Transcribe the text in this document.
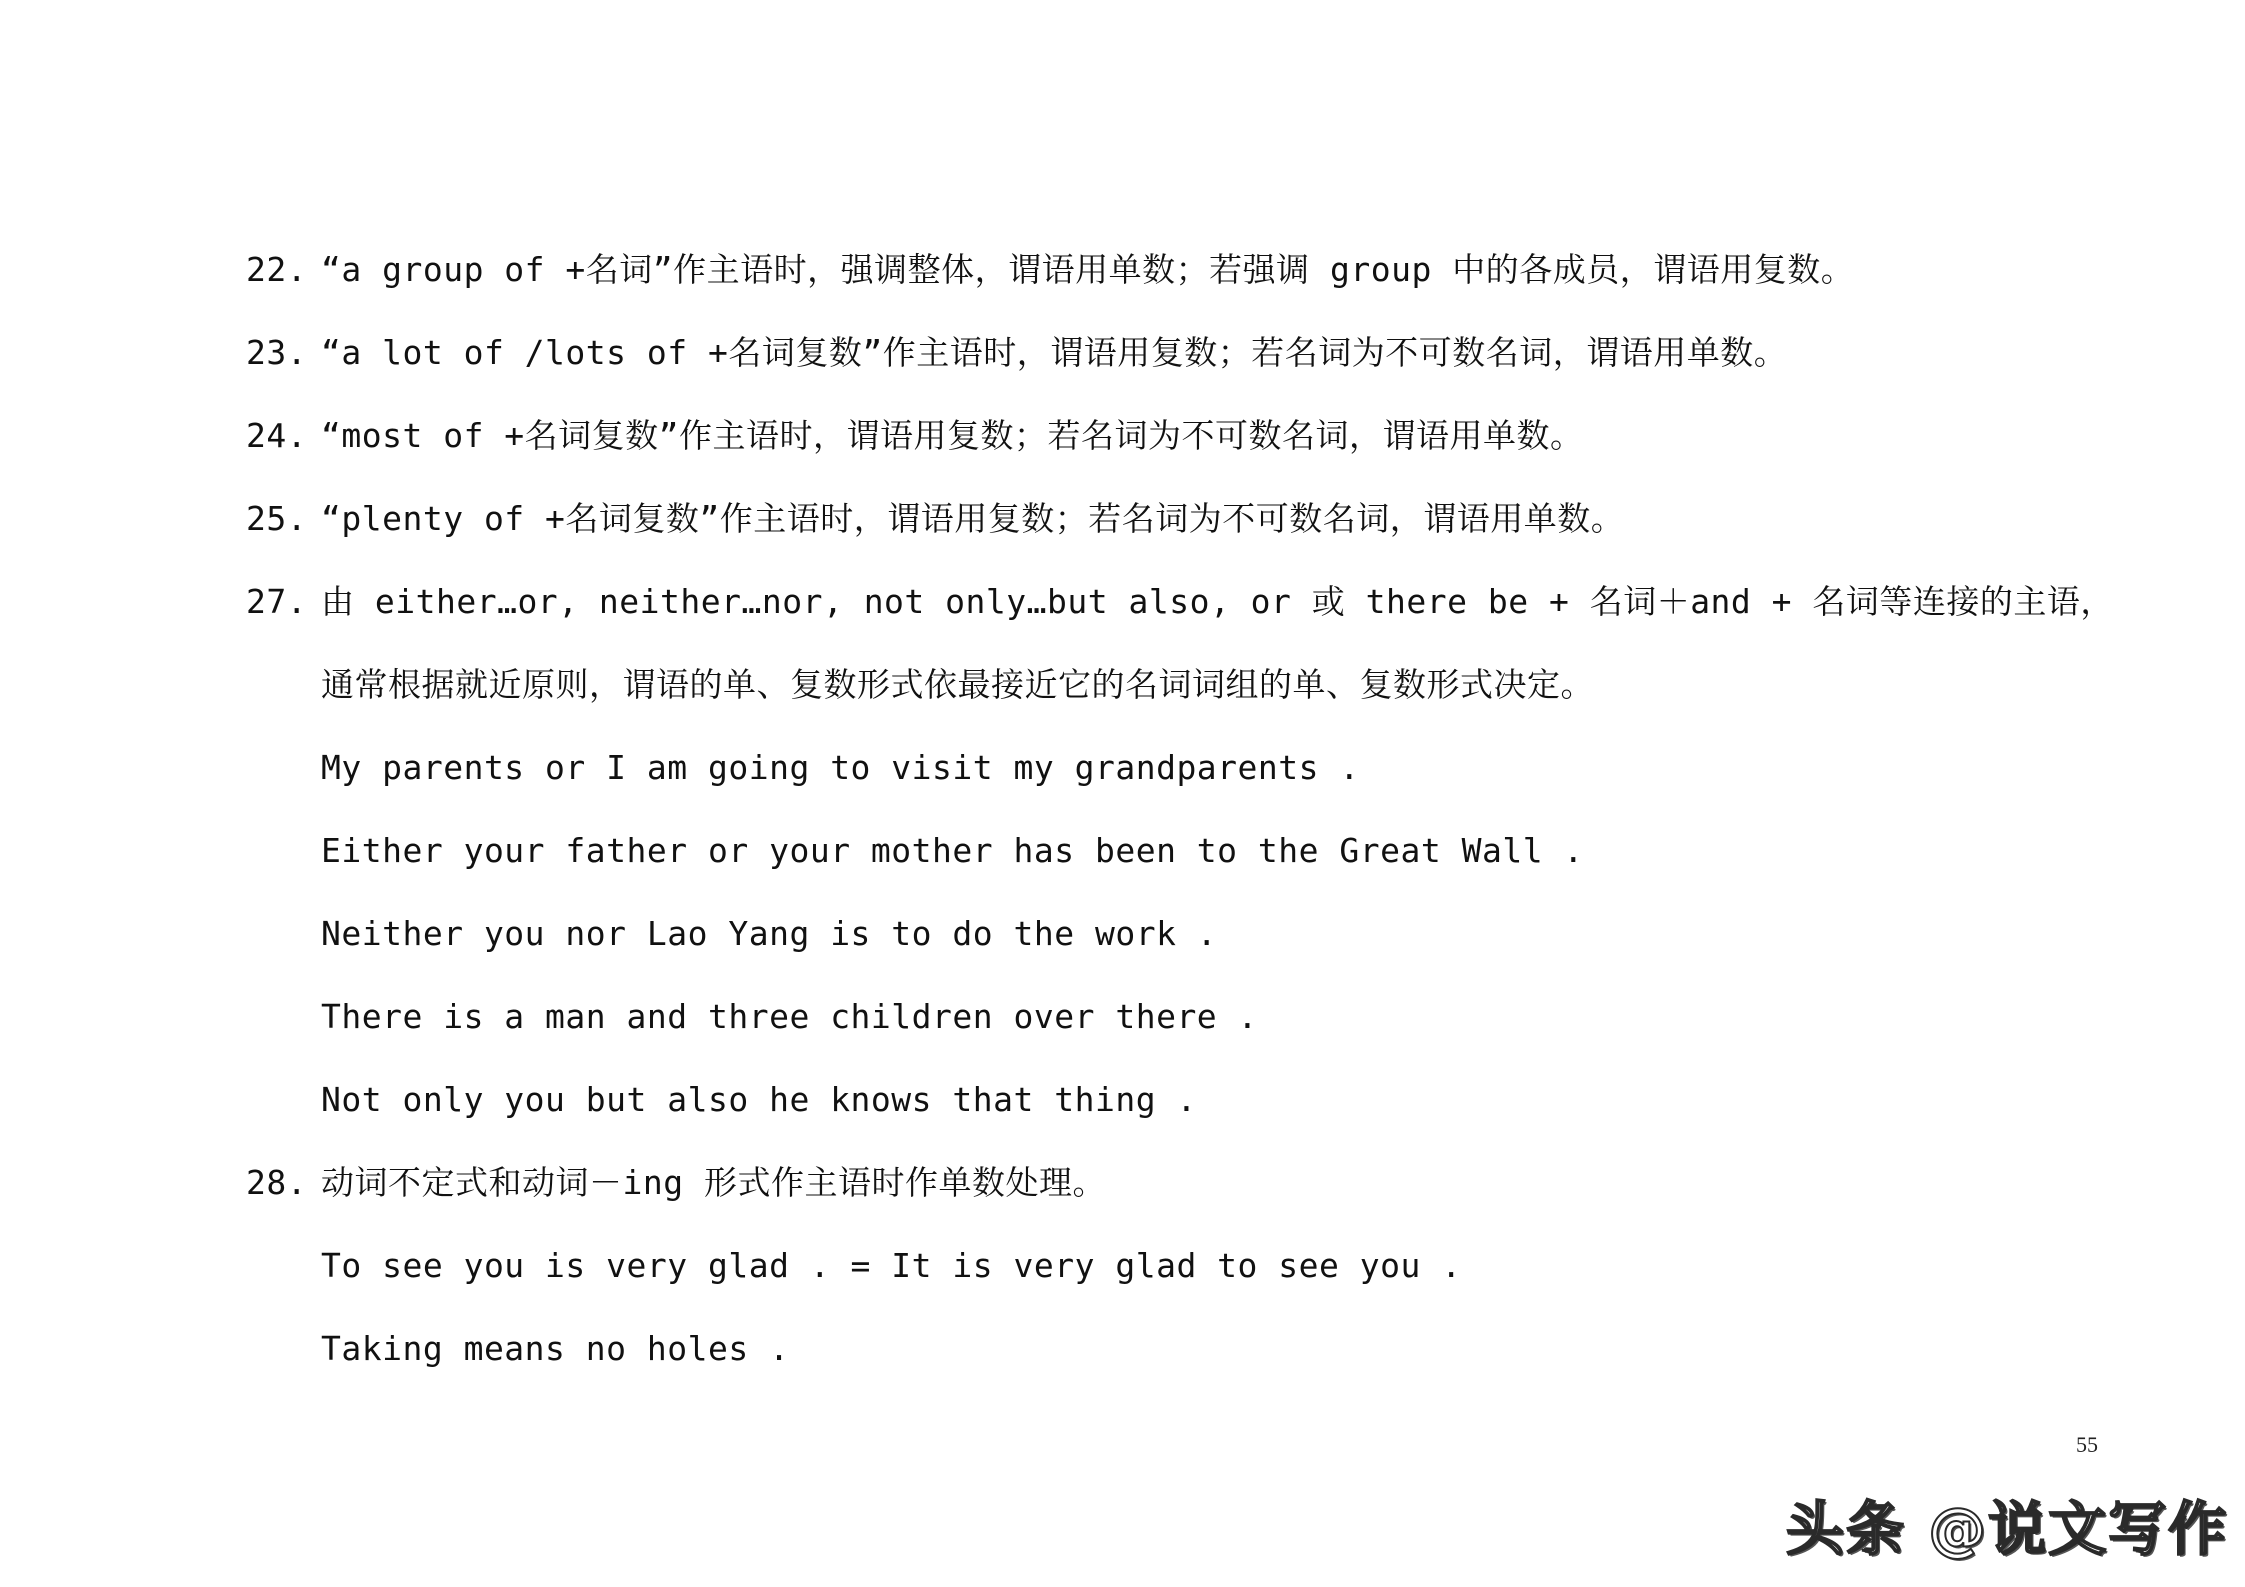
22. “a group of +名词”作主语时，强调整体，谓语用单数；若强调 group 中的各成员，谓语用复数。
23. “a lot of /lots of +名词复数”作主语时，谓语用复数；若名词为不可数名词，谓语用单数。
24. “most of +名词复数”作主语时，谓语用复数；若名词为不可数名词，谓语用单数。
25. “plenty of +名词复数”作主语时，谓语用复数；若名词为不可数名词，谓语用单数。
27. 由 either…or, neither…nor, not only…but also, or 或 there be + 名词＋and + 名词等连接的主语，
通常根据就近原则，谓语的单、复数形式依最接近它的名词词组的单、复数形式决定。
My parents or I am going to visit my grandparents .
Either your father or your mother has been to the Great Wall .
Neither you nor Lao Yang is to do the work .
There is a man and three children over there .
Not only you but also he knows that thing .
28. 动词不定式和动词－ing 形式作主语时作单数处理。
To see you is very glad . = It is very glad to see you .
Taking means no holes .
55
头条 @说文写作
